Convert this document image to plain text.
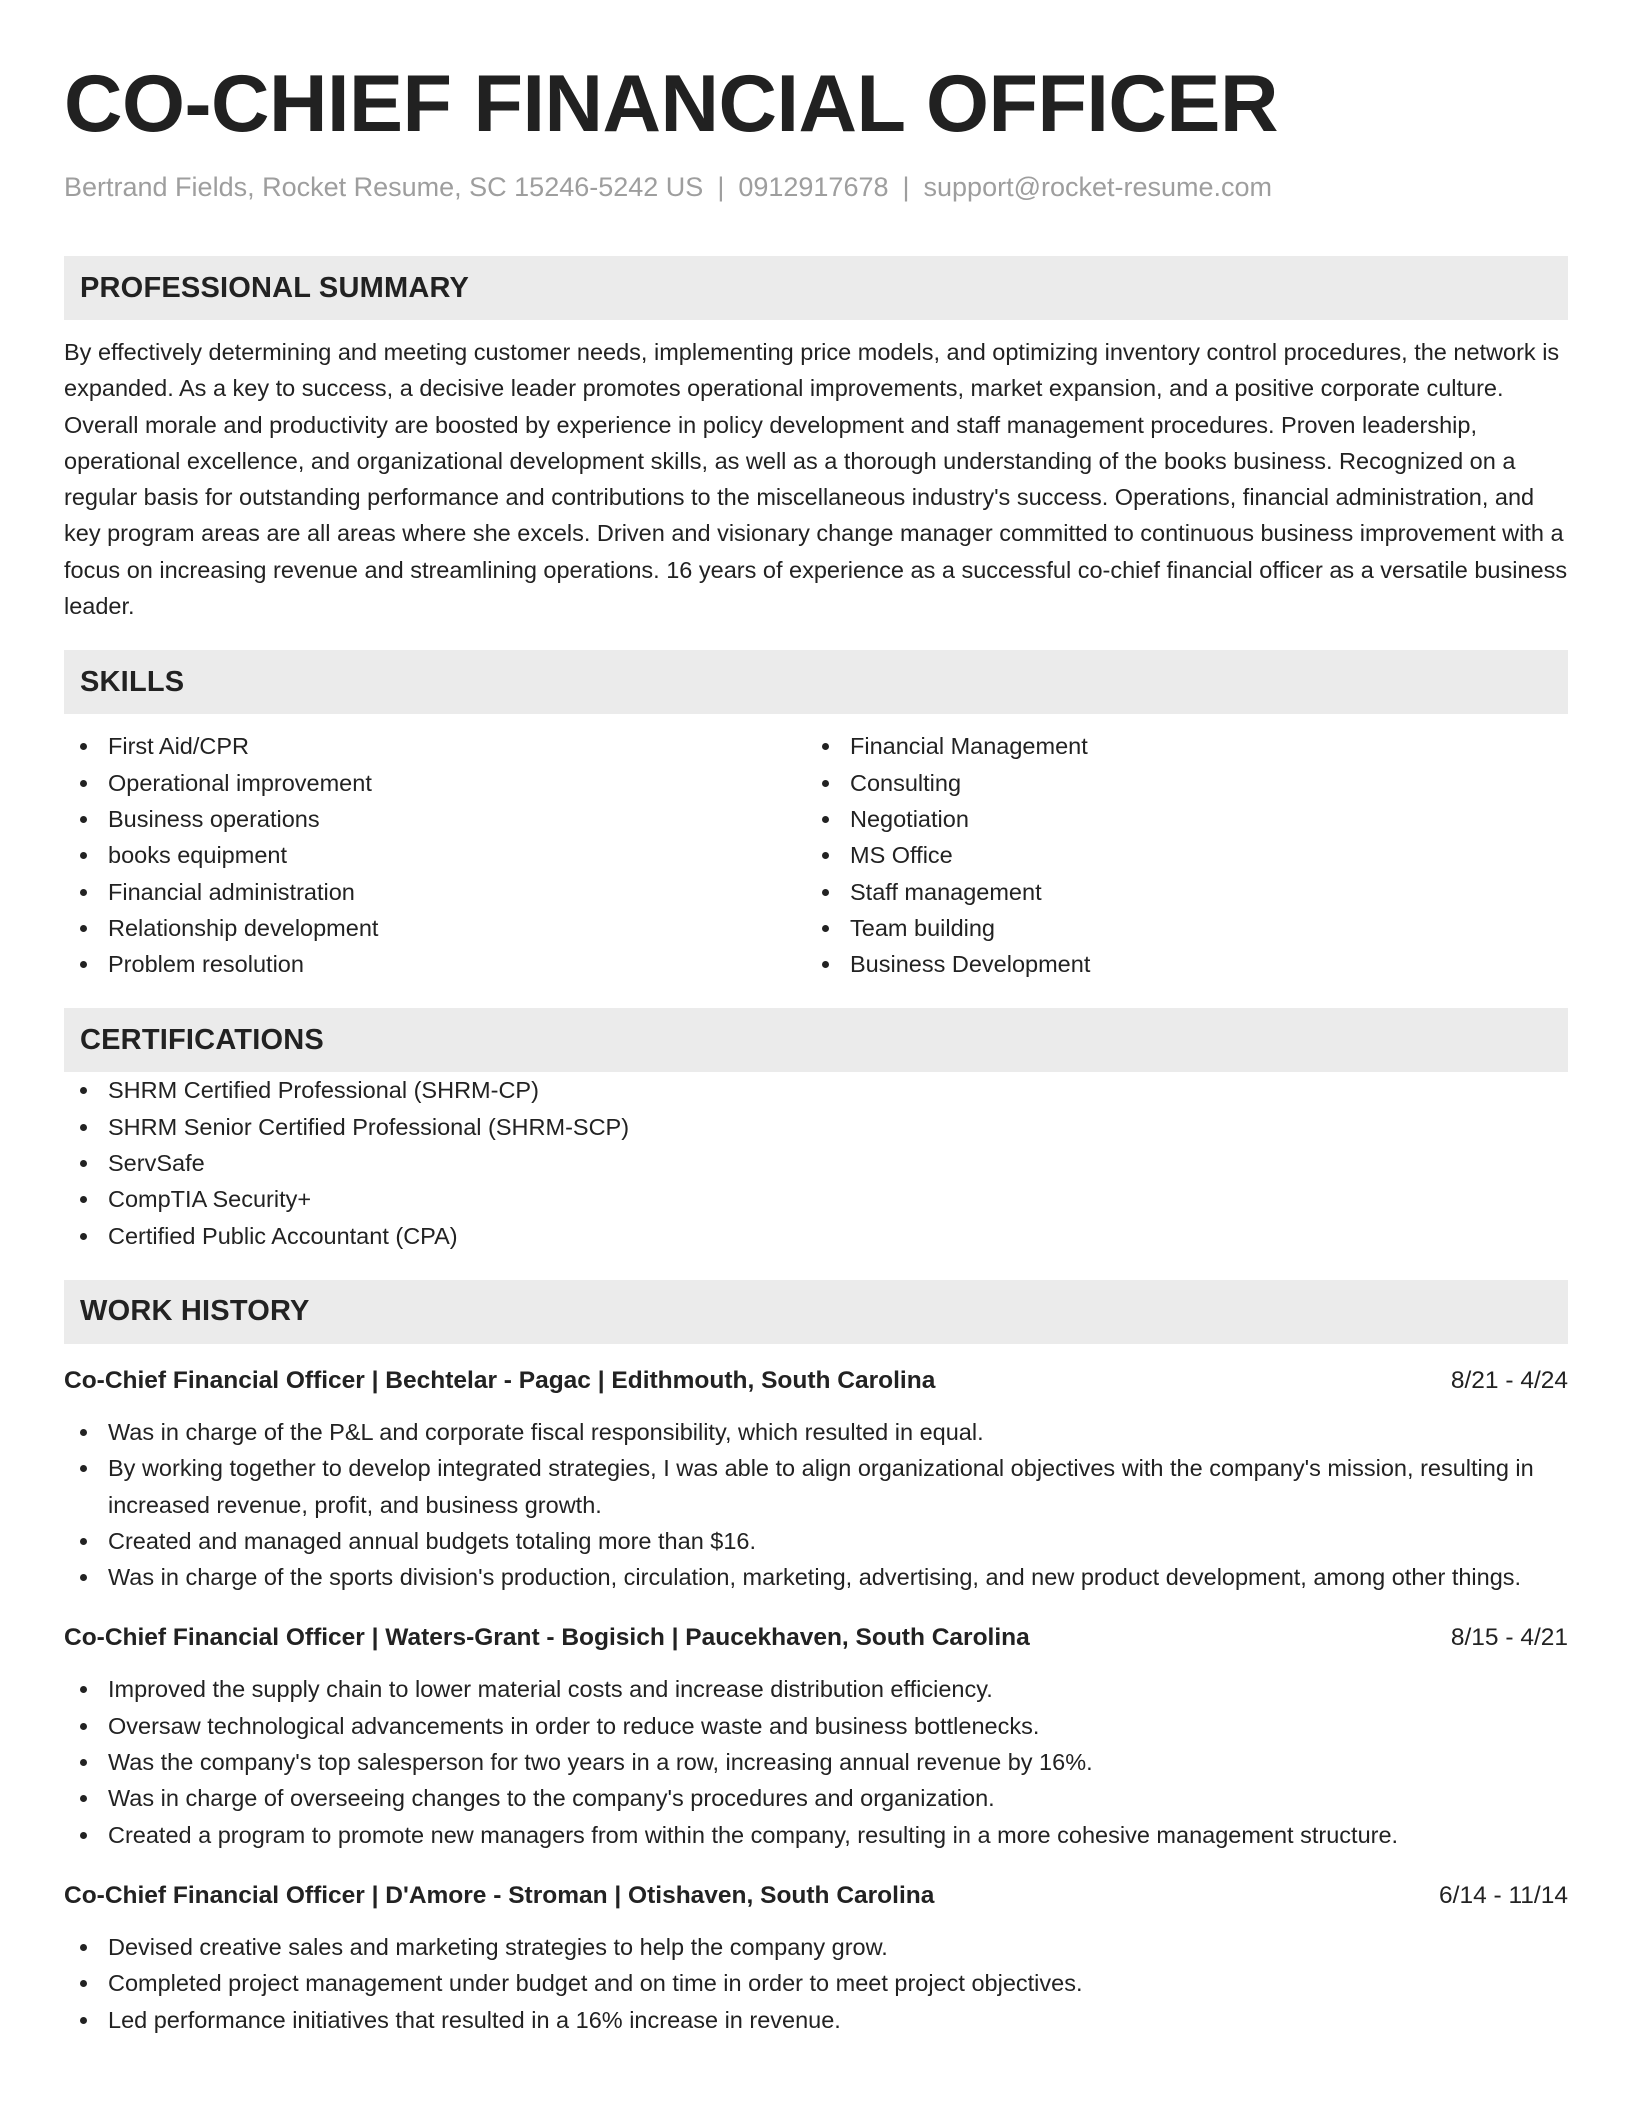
CO-CHIEF FINANCIAL OFFICER
Bertrand Fields, Rocket Resume, SC 15246-5242 US | 0912917678 | support@rocket-resume.com
PROFESSIONAL SUMMARY

By effectively determining and meeting customer needs, implementing price models, and optimizing inventory control procedures, the network is expanded. As a key to success, a decisive leader promotes operational improvements, market expansion, and a positive corporate culture. Overall morale and productivity are boosted by experience in policy development and staff management procedures. Proven leadership, operational excellence, and organizational development skills, as well as a thorough understanding of the books business. Recognized on a regular basis for outstanding performance and contributions to the miscellaneous industry's success. Operations, financial administration, and key program areas are all areas where she excels. Driven and visionary change manager committed to continuous business improvement with a focus on increasing revenue and streamlining operations. 16 years of experience as a successful co-chief financial officer as a versatile business leader.

SKILLS
First Aid/CPR
Operational improvement
Business operations
books equipment
Financial administration
Relationship development
Problem resolution
Financial Management
Consulting
Negotiation
MS Office
Staff management
Team building
Business Development
CERTIFICATIONS
SHRM Certified Professional (SHRM-CP)
SHRM Senior Certified Professional (SHRM-SCP)
ServSafe
CompTIA Security+
Certified Public Accountant (CPA)
WORK HISTORY
Co-Chief Financial Officer | Bechtelar - Pagac | Edithmouth, South Carolina	8/21 - 4/24
Was in charge of the P&L and corporate fiscal responsibility, which resulted in equal.
By working together to develop integrated strategies, I was able to align organizational objectives with the company's mission, resulting in increased revenue, profit, and business growth.
Created and managed annual budgets totaling more than $16.
Was in charge of the sports division's production, circulation, marketing, advertising, and new product development, among other things.
Co-Chief Financial Officer | Waters-Grant - Bogisich | Paucekhaven, South Carolina	8/15 - 4/21
Improved the supply chain to lower material costs and increase distribution efficiency.
Oversaw technological advancements in order to reduce waste and business bottlenecks.
Was the company's top salesperson for two years in a row, increasing annual revenue by 16%.
Was in charge of overseeing changes to the company's procedures and organization.
Created a program to promote new managers from within the company, resulting in a more cohesive management structure.
Co-Chief Financial Officer | D'Amore - Stroman | Otishaven, South Carolina	6/14 - 11/14
Devised creative sales and marketing strategies to help the company grow.
Completed project management under budget and on time in order to meet project objectives.
Led performance initiatives that resulted in a 16% increase in revenue.
